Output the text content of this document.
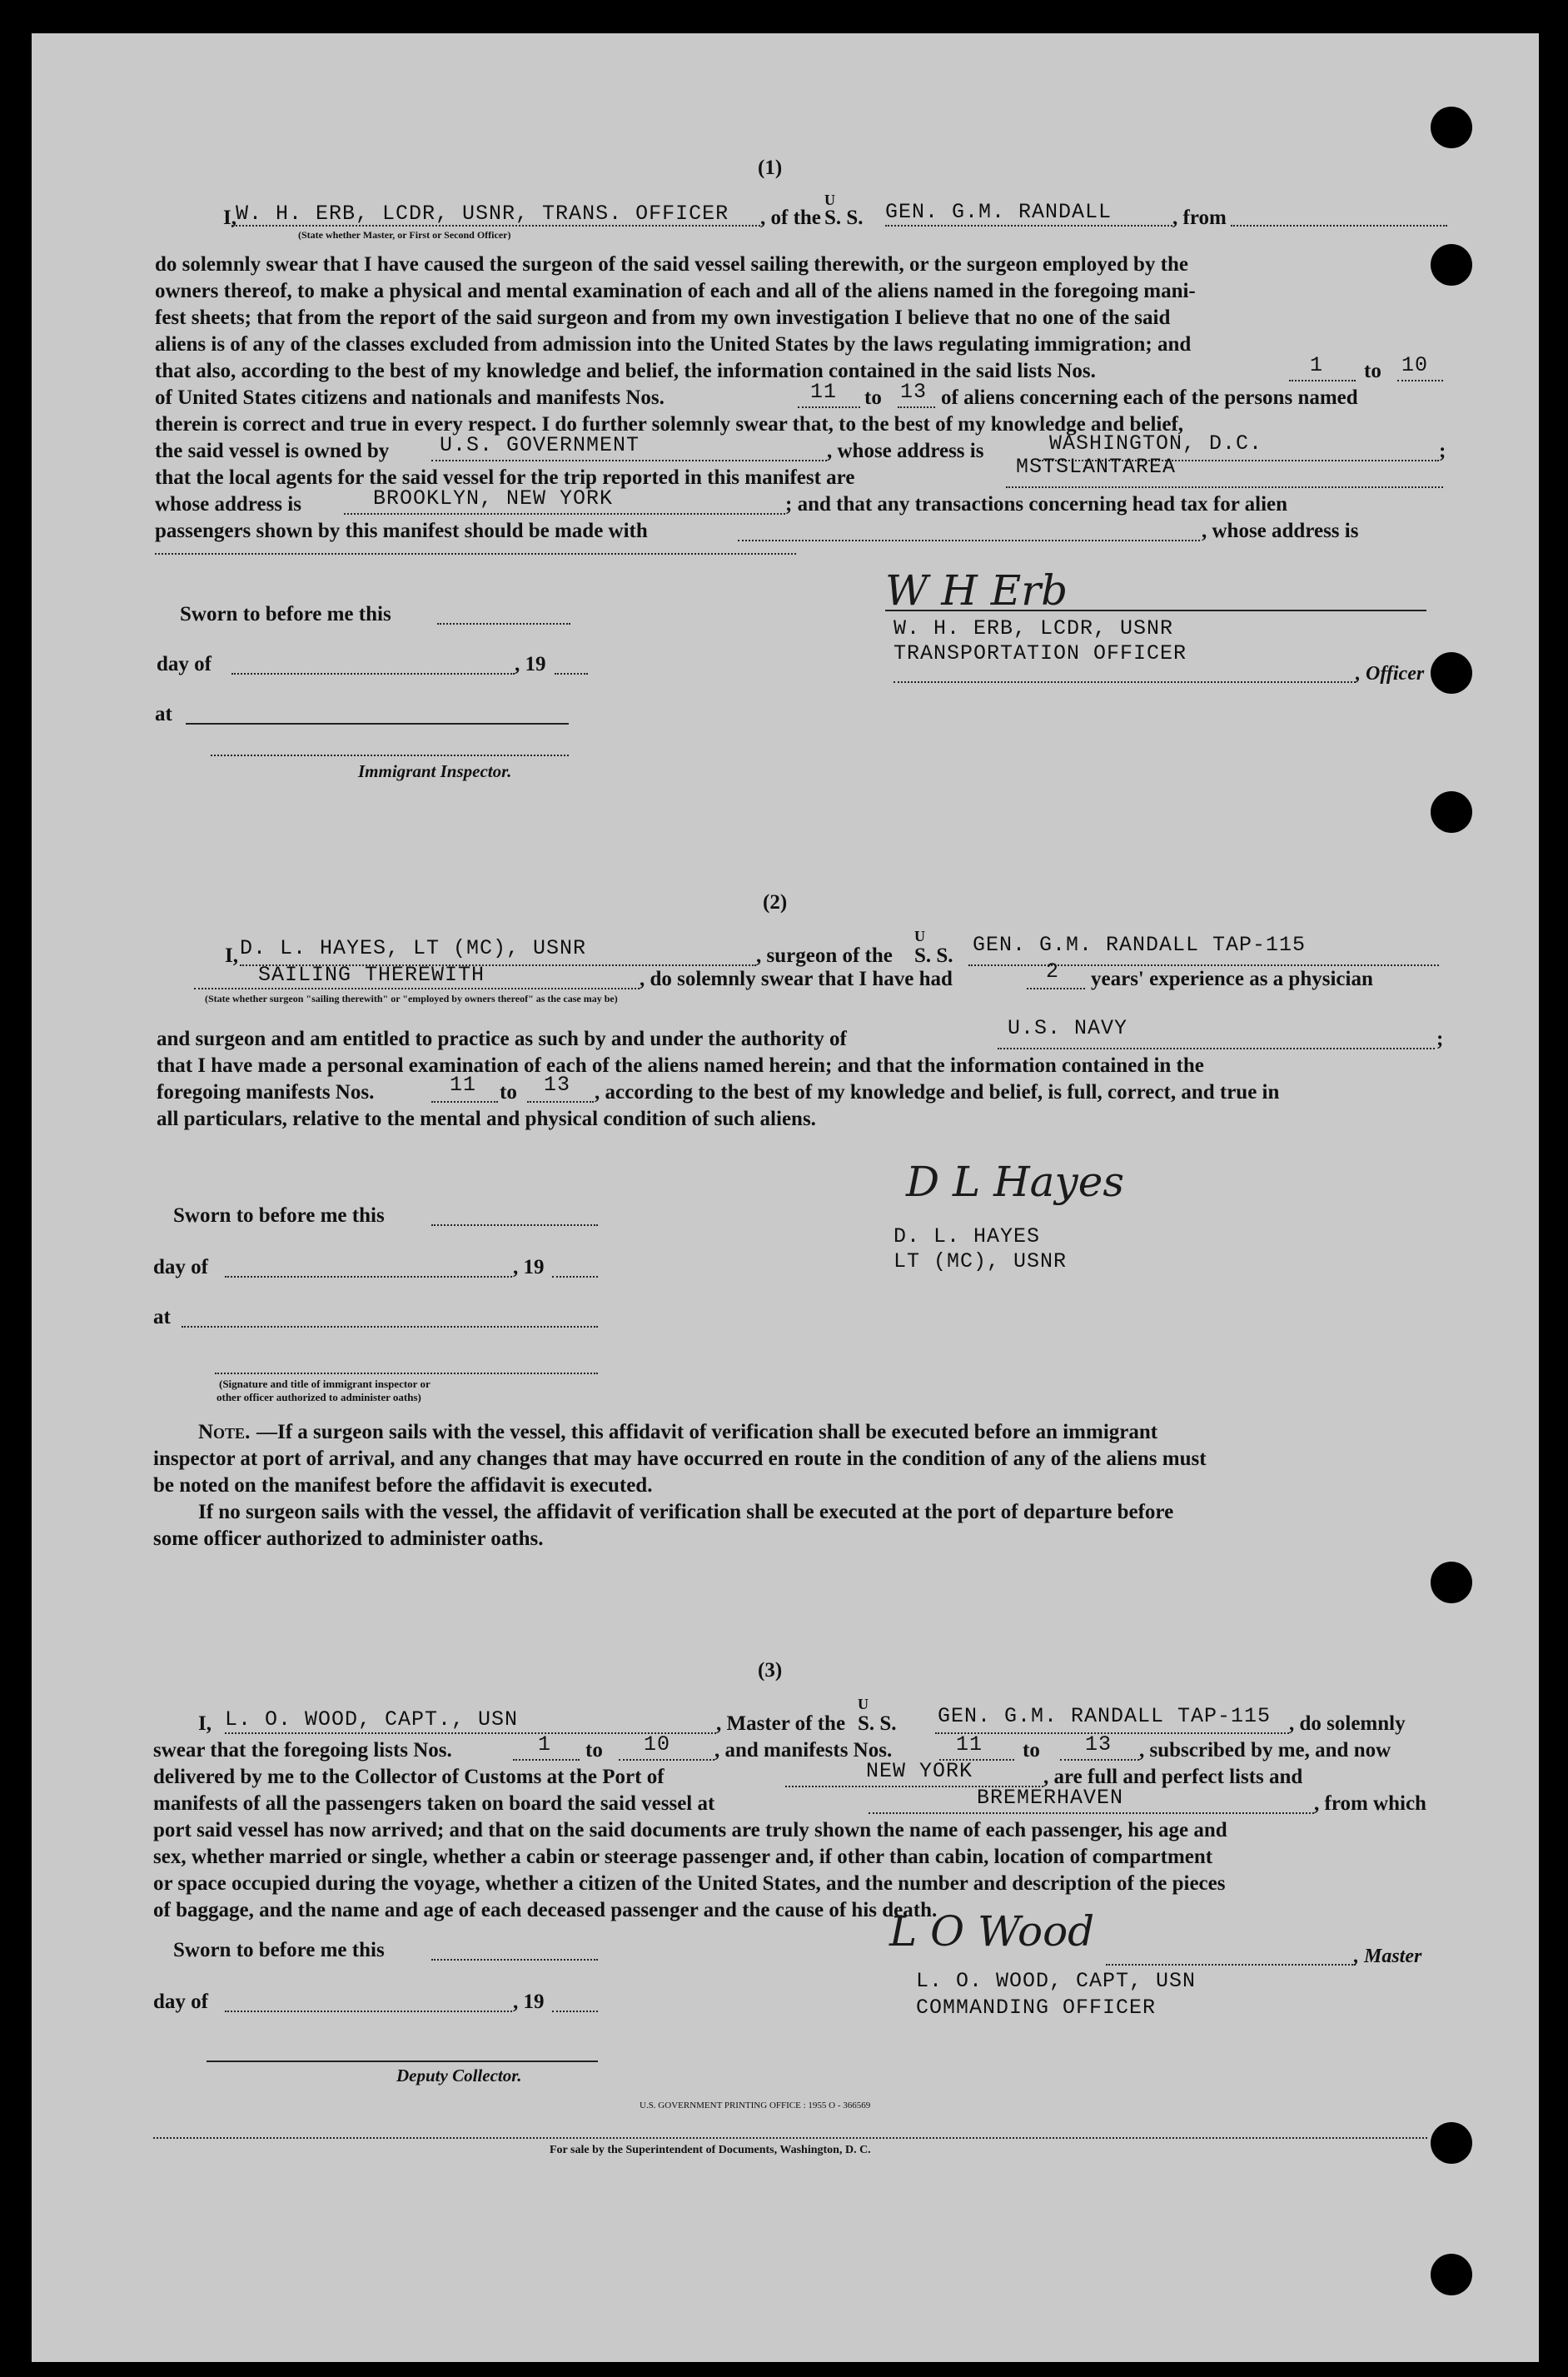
(1)
I, W. H. ERB, LCDR, USNR, TRANS. OFFICER , of the
U
S. S. GEN. G.M. RANDALL	, from
(State whether Master, or First or Second Officer)
do solemnly swear that I have caused the surgeon of the said vessel sailing therewith, or the surgeon employed by the
owners thereof, to make a physical and mental examination of each and all of the aliens named in the foregoing mani-
fest sheets; that from the report of the said surgeon and from my own investigation I believe that no one of the said
aliens is of any of the classes excluded from admission into the United States by the laws regulating immigration; and
that also, according to the best of my knowledge and belief, the information contained in the said lists Nos.	1 to 10
of United States citizens and nationals and manifests Nos.	11 to 13 of aliens concerning each of the persons named
therein is correct and true in every respect. I do further solemnly swear that, to the best of my knowledge and belief,
the said vessel is owned by U.S. GOVERNMENT	, whose address is	WASHINGTON, D.C.	;
that the local agents for the said vessel for the trip reported in this manifest are	MSTSLANTAREA
whose address is	BROOKLYN, NEW YORK	; and that any transactions concerning head tax for alien
passengers shown by this manifest should be made with	, whose address is
Sworn to before me this
day of	, 19
at
Immigrant Inspector.
W H Erb
W. H. ERB, LCDR, USNR
TRANSPORTATION OFFICER
, Officer
(2)
I, D. L. HAYES, LT (MC), USNR	, surgeon of the
U
S. S. GEN. G.M. RANDALL TAP-115
SAILING THEREWITH	, do solemnly swear that I have had	2 years' experience as a physician
(State whether surgeon "sailing therewith" or "employed by owners thereof" as the case may be)
and surgeon and am entitled to practice as such by and under the authority of	U.S. NAVY	;
that I have made a personal examination of each of the aliens named herein; and that the information contained in the
foregoing manifests Nos.	11 to 13 , according to the best of my knowledge and belief, is full, correct, and true in
all particulars, relative to the mental and physical condition of such aliens.
Sworn to before me this
day of	, 19
at
(Signature and title of immigrant inspector or
other officer authorized to administer oaths)
D L Hayes
D. L. HAYES
LT (MC), USNR
Note. —If a surgeon sails with the vessel, this affidavit of verification shall be executed before an immigrant
inspector at port of arrival, and any changes that may have occurred en route in the condition of any of the aliens must
be noted on the manifest before the affidavit is executed.
If no surgeon sails with the vessel, the affidavit of verification shall be executed at the port of departure before
some officer authorized to administer oaths.
(3)
I, L. O. WOOD, CAPT., USN	, Master of the
U
S. S. GEN. G.M. RANDALL TAP-115 , do solemnly
swear that the foregoing lists Nos.	1 to 10 , and manifests Nos.	11 to 13 , subscribed by me, and now
delivered by me to the Collector of Customs at the Port of	NEW YORK	, are full and perfect lists and
manifests of all the passengers taken on board the said vessel at	BREMERHAVEN	, from which
port said vessel has now arrived; and that on the said documents are truly shown the name of each passenger, his age and
sex, whether married or single, whether a cabin or steerage passenger and, if other than cabin, location of compartment
or space occupied during the voyage, whether a citizen of the United States, and the number and description of the pieces
of baggage, and the name and age of each deceased passenger and the cause of his death.
Sworn to before me this
day of	, 19
Deputy Collector.
L O Wood
, Master
L. O. WOOD, CAPT, USN
COMMANDING OFFICER
U.S. GOVERNMENT PRINTING OFFICE : 1955 O - 366569
For sale by the Superintendent of Documents, Washington, D. C.
